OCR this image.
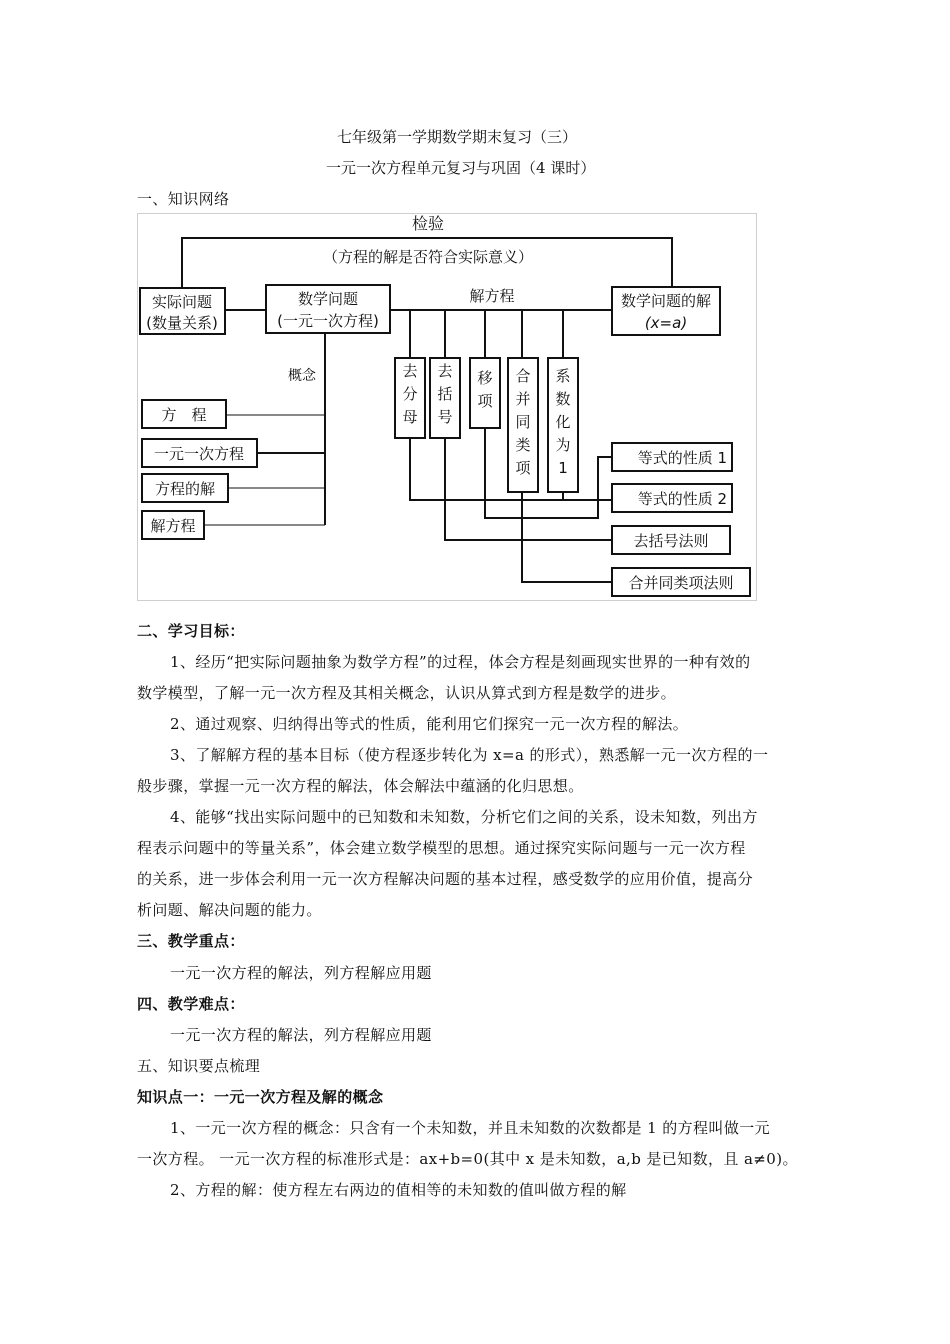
七年级第一学期数学期末复习（三）
一元一次方程单元复习与巩固（4 课时）
一、知识网络
检验
（方程的解是否符合实际意义）
实际问题
(数量关系)
数学问题
(一元一次方程)
解方程	数学问题的解
(x=a)
概念
方　程
一元一次方程
方程的解
解方程
等式的性质 1
等式的性质 2
去括号法则
合并同类项法则
去分母
去括号
移项
合并同类项
系数化为 1
二、学习目标：
1、经历“把实际问题抽象为数学方程”的过程，体会方程是刻画现实世界的一种有效的
数学模型，了解一元一次方程及其相关概念，认识从算式到方程是数学的进步。
2、通过观察、归纳得出等式的性质，能利用它们探究一元一次方程的解法。
3、了解解方程的基本目标（使方程逐步转化为 x=a 的形式），熟悉解一元一次方程的一
般步骤，掌握一元一次方程的解法，体会解法中蕴涵的化归思想。
4、能够“找出实际问题中的已知数和未知数，分析它们之间的关系，设未知数，列出方
程表示问题中的等量关系”，体会建立数学模型的思想。通过探究实际问题与一元一次方程
的关系，进一步体会利用一元一次方程解决问题的基本过程，感受数学的应用价值，提高分
析问题、解决问题的能力。
三、教学重点：
一元一次方程的解法，列方程解应用题
四、教学难点：
一元一次方程的解法，列方程解应用题
五、知识要点梳理
知识点一：一元一次方程及解的概念
1、一元一次方程的概念：只含有一个未知数，并且未知数的次数都是 1 的方程叫做一元
一次方程。 一元一次方程的标准形式是：ax+b=0(其中 x 是未知数，a,b 是已知数，且 a≠0)。
2、方程的解：使方程左右两边的值相等的未知数的值叫做方程的解
